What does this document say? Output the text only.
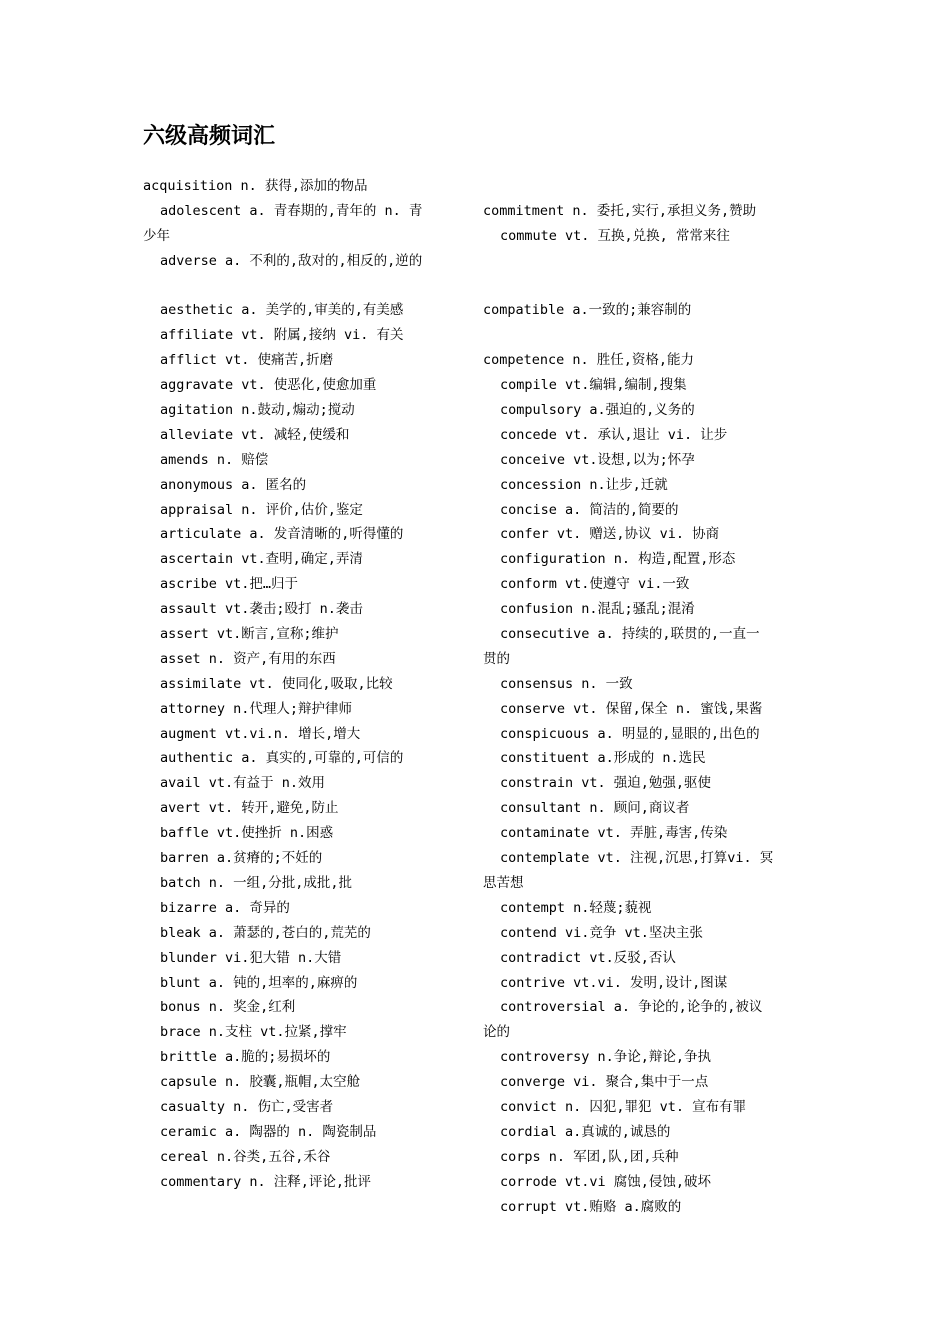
六级高频词汇
acquisition n. 获得,添加的物品
adolescent a. 青春期的,青年的 n. 青
少年
adverse a. 不利的,敌对的,相反的,逆的
aesthetic a. 美学的,审美的,有美感
affiliate vt. 附属,接纳 vi. 有关
afflict vt. 使痛苦,折磨
aggravate vt. 使恶化,使愈加重
agitation n.鼓动,煽动;搅动
alleviate vt. 减轻,使缓和
amends n. 赔偿
anonymous a. 匿名的
appraisal n. 评价,估价,鉴定
articulate a. 发音清晰的,听得懂的
ascertain vt.查明,确定,弄清
ascribe vt.把…归于
assault vt.袭击;殴打 n.袭击
assert vt.断言,宣称;维护
asset n. 资产,有用的东西
assimilate vt. 使同化,吸取,比较
attorney n.代理人;辩护律师
augment vt.vi.n. 增长,增大
authentic a. 真实的,可靠的,可信的
avail vt.有益于 n.效用
avert vt. 转开,避免,防止
baffle vt.使挫折 n.困惑
barren a.贫瘠的;不妊的
batch n. 一组,分批,成批,批
bizarre a. 奇异的
bleak a. 萧瑟的,苍白的,荒芜的
blunder vi.犯大错 n.大错
blunt a. 钝的,坦率的,麻痹的
bonus n. 奖金,红利
brace n.支柱 vt.拉紧,撑牢
brittle a.脆的;易损坏的
capsule n. 胶囊,瓶帽,太空舱
casualty n. 伤亡,受害者
ceramic a. 陶器的 n. 陶瓷制品
cereal n.谷类,五谷,禾谷
commentary n. 注释,评论,批评
commitment n. 委托,实行,承担义务,赞助
commute vt. 互换,兑换, 常常来往
compatible a.一致的;兼容制的
competence n. 胜任,资格,能力
compile vt.编辑,编制,搜集
compulsory a.强迫的,义务的
concede vt. 承认,退让 vi. 让步
conceive vt.设想,以为;怀孕
concession n.让步,迁就
concise a. 简洁的,简要的
confer vt. 赠送,协议 vi. 协商
configuration n. 构造,配置,形态
conform vt.使遵守 vi.一致
confusion n.混乱;骚乱;混淆
consecutive a. 持续的,联贯的,一直一
贯的
consensus n. 一致
conserve vt. 保留,保全 n. 蜜饯,果酱
conspicuous a. 明显的,显眼的,出色的
constituent a.形成的 n.选民
constrain vt. 强迫,勉强,驱使
consultant n. 顾问,商议者
contaminate vt. 弄脏,毒害,传染
contemplate vt. 注视,沉思,打算vi. 冥
思苦想
contempt n.轻蔑;藐视
contend vi.竞争 vt.坚决主张
contradict vt.反驳,否认
contrive vt.vi. 发明,设计,图谋
controversial a. 争论的,论争的,被议
论的
controversy n.争论,辩论,争执
converge vi. 聚合,集中于一点
convict n. 囚犯,罪犯 vt. 宣布有罪
cordial a.真诚的,诚恳的
corps n. 军团,队,团,兵种
corrode vt.vi 腐蚀,侵蚀,破坏
corrupt vt.贿赂 a.腐败的
